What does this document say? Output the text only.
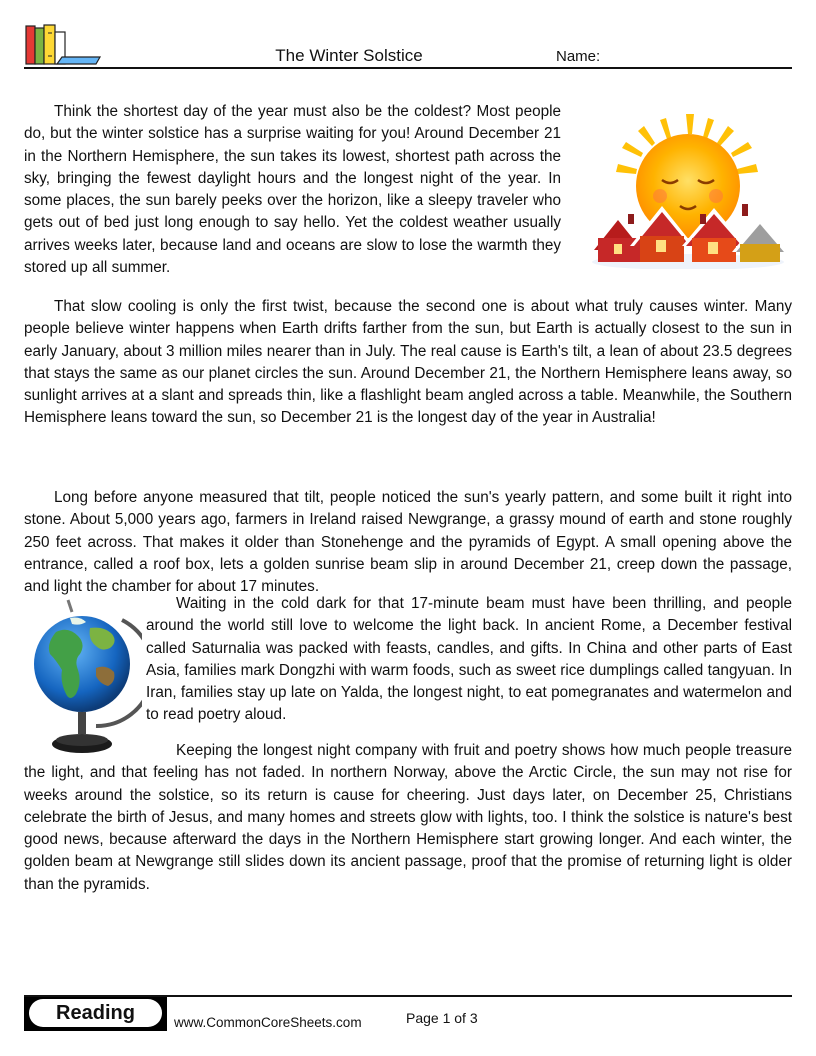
The Winter Solstice	Name:

Think the shortest day of the year must also be the coldest? Most people do, but the winter solstice has a surprise waiting for you! Around December 21 in the Northern Hemisphere, the sun takes its lowest, shortest path across the sky, bringing the fewest daylight hours and the longest night of the year. In some places, the sun barely peeks over the horizon, like a sleepy traveler who gets out of bed just long enough to say hello. Yet the coldest weather usually arrives weeks later, because land and oceans are slow to lose the warmth they stored up all summer.

That slow cooling is only the first twist, because the second one is about what truly causes winter. Many people believe winter happens when Earth drifts farther from the sun, but Earth is actually closest to the sun in early January, about 3 million miles nearer than in July. The real cause is Earth's tilt, a lean of about 23.5 degrees that stays the same as our planet circles the sun. Around December 21, the Northern Hemisphere leans away, so sunlight arrives at a slant and spreads thin, like a flashlight beam angled across a table. Meanwhile, the Southern Hemisphere leans toward the sun, so December 21 is the longest day of the year in Australia!

Long before anyone measured that tilt, people noticed the sun's yearly pattern, and some built it right into stone. About 5,000 years ago, farmers in Ireland raised Newgrange, a grassy mound of earth and stone roughly 250 feet across. That makes it older than Stonehenge and the pyramids of Egypt. A small opening above the entrance, called a roof box, lets a golden sunrise beam slip in around December 21, creep down the passage, and light the chamber for about 17 minutes.

Waiting in the cold dark for that 17-minute beam must have been thrilling, and people around the world still love to welcome the light back. In ancient Rome, a December festival called Saturnalia was packed with feasts, candles, and gifts. In China and other parts of East Asia, families mark Dongzhi with warm foods, such as sweet rice dumplings called tangyuan. In Iran, families stay up late on Yalda, the longest night, to eat pomegranates and watermelon and to read poetry aloud.

Keeping the longest night company with fruit and poetry shows how much people treasure the light, and that feeling has not faded. In northern Norway, above the Arctic Circle, the sun may not rise for weeks around the solstice, so its return is cause for cheering. Just days later, on December 25, Christians celebrate the birth of Jesus, and many homes and streets glow with lights, too. I think the solstice is nature's best good news, because afterward the days in the Northern Hemisphere start growing longer. And each winter, the golden beam at Newgrange still slides down its ancient passage, proof that the promise of returning light is older than the pyramids.
Reading	www.CommonCoreSheets.com	Page 1 of 3
